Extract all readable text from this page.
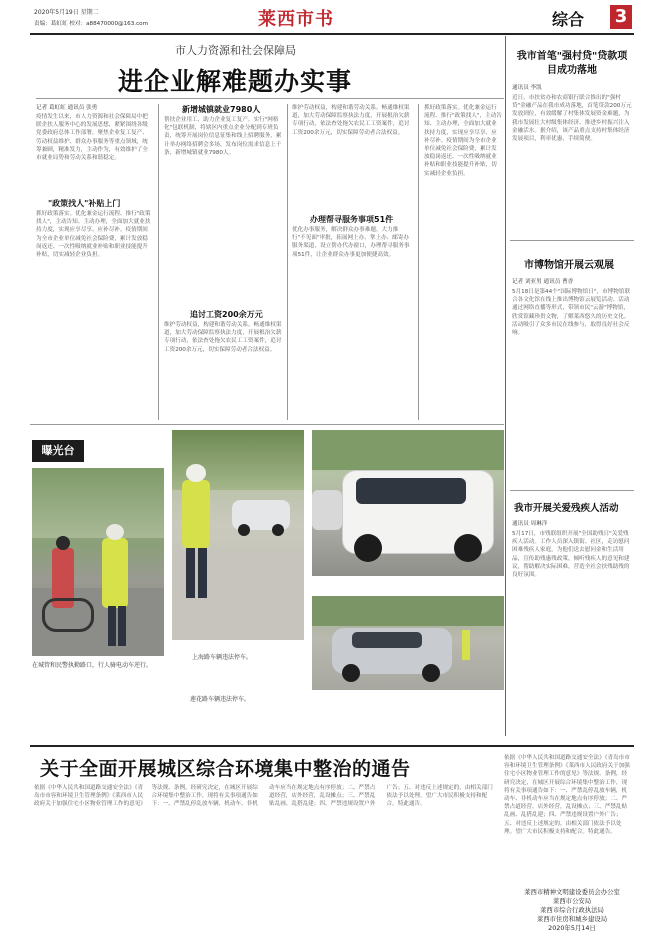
2020年5月19日 星期二
责编：葛虹虹 校对：a88470000@163.com	莱西市书	综合 3
市人力资源和社会保障局
进企业解难题办实事
记者 葛虹虹 通讯员 张勇
疫情发生以来，市人力资源和社会保障局中把联企扶人服务中心的发展思想，紧紧围绕各级党委政府总体工作部署，聚焦企业复工复产、劳动权益维护、群众办事服务等重点领域，统筹兼顾，精准发力，主动作为，有效维护了全市就业局势和劳动关系和谐稳定。
"政策找人"补贴上门
抓好政策落实。优化兼金运行流程、推行"政策找人"，主动告知、主动办理，全面加大就业扶持力度，实现应享尽享、应补尽补。疫情期间为全市企业单位减免社会保险费，累计发放稳岗返还、一次性吸纳就业补贴和职业技能提升补贴，切实减轻企业负担。
新增城镇就业7980人
帮扶企业用工，助力企业复工复产。实行"网格化"包联机制，将辖区内重点企业分配到专班负责，统筹开展岗位信息征集和线上招聘服务，累计举办网络招聘会多场，发布岗位需求信息上千条，新增城镇就业7980人。
追讨工资200余万元
维护劳动权益，构建和谐劳动关系。畅通维权渠道，加大劳动保障监察执法力度，开展根治欠薪专项行动，依法查处拖欠农民工工资案件，追讨工资200余万元，切实保障劳动者合法权益。
维护劳动权益，构建和谐劳动关系。畅通维权渠道，加大劳动保障监察执法力度，开展根治欠薪专项行动，依法查处拖欠农民工工资案件，追讨工资200余万元，切实保障劳动者合法权益。
办理帮寻服务事项51件
优化办事服务，解决群众办事难题。大力推行"不见面"审批，拓展网上办、掌上办、邮寄办服务渠道，设立帮办代办窗口，办理帮寻服务事项51件，让企业群众办事更加便捷高效。
抓好政策落实。优化兼金运行流程、推行"政策找人"，主动告知、主动办理，全面加大就业扶持力度，实现应享尽享、应补尽补。疫情期间为全市企业单位减免社会保险费，累计发放稳岗返还、一次性吸纳就业补贴和职业技能提升补贴，切实减轻企业负担。
我市首笔"强村贷"贷款项目成功落地
通讯员 李凯
近日，市扶贫办和农商银行联合推出的"强村贷"金融产品在我市成功落地，首笔贷款200万元发放到位，有效缓解了村集体发展资金难题，为我市发展壮大村级集体经济、推进乡村振兴注入金融活水。据介绍，该产品重点支持村集体经济发展项目，利率优惠，手续简便。
市博物馆开展云观展
记者 刘亚男 通讯员 曹香
5月18日是第44个"国际博物馆日"，市博物馆联合各文化馆在线上推出博物馆云展览活动。活动通过网络直播等形式，带领市民"云游"博物馆，欣赏馆藏珍贵文物，了解莱西悠久的历史文化。活动吸引了众多市民在线参与，取得良好社会反响。
我市开展关爱残疾人活动
通讯员 周琳洋
5月17日，市残联组织开展"全国助残日"关爱残疾人活动。工作人员深入镇街、社区，走访慰问困难残疾人家庭，为他们送去慰问金和生活用品，宣传助残惠残政策，倾听残疾人的意见和建议，帮助解决实际困难，营造全社会扶残助残的良好氛围。
曝光台
在城管和民警执勤路口，行人骑电动车逆行。
莲花路车辆违法停车。
上海路车辆违法停车。
关于全面开展城区综合环境集中整治的通告
依据《中华人民共和国道路交通安全法》《青岛市市容和环境卫生管理条例》《莱西市人民政府关于加强住宅小区物业管理工作的意见》等法规、条例，经研究决定，在城区开展综合环境集中整治工作，现将有关事项通告如下：一、严禁乱停乱放车辆，机动车、非机动车应当在规定地点有序停放；二、严禁占道经营，店外经营，乱设摊点；三、严禁乱贴乱画、乱搭乱建；四、严禁违规设置户外广告；五、对违反上述规定的，由相关部门依法予以处理。望广大市民积极支持和配合。特此通告。
依据《中华人民共和国道路交通安全法》《青岛市市容和环境卫生管理条例》《莱西市人民政府关于加强住宅小区物业管理工作的意见》等法规、条例，经研究决定，在城区开展综合环境集中整治工作，现将有关事项通告如下：一、严禁乱停乱放车辆，机动车、非机动车应当在规定地点有序停放；二、严禁占道经营，店外经营，乱设摊点；三、严禁乱贴乱画、乱搭乱建；四、严禁违规设置户外广告；五、对违反上述规定的，由相关部门依法予以处理。望广大市民积极支持和配合。特此通告。
莱西市精神文明建设委员会办公室
莱西市公安局
莱西市综合行政执法局
莱西市住房和城乡建设局
2020年5月14日
